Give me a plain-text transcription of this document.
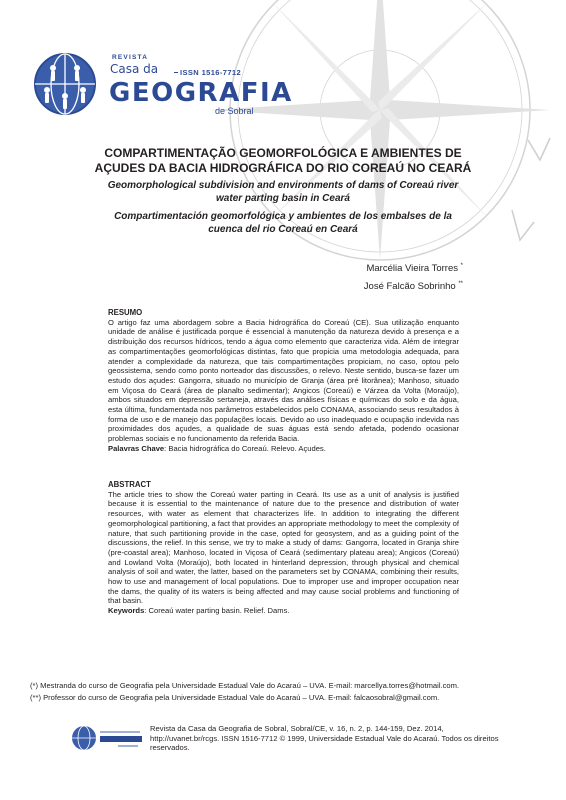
REVISTA
Casa da	ISSN 1516-7712
GEOGRAFIA
de Sobral

COMPARTIMENTAÇÃO GEOMORFOLÓGICA E AMBIENTES DE
AÇUDES DA BACIA HIDROGRÁFICA DO RIO COREAÚ NO CEARÁ

Geomorphological subdivision and environments of dams of Coreaú river
water parting basin in Ceará

Compartimentación geomorfológica y ambientes de los embalses de la
cuenca del rio Coreaú en Ceará

Marcélia Vieira Torres *
José Falcão Sobrinho **
RESUMO

O artigo faz uma abordagem sobre a Bacia hidrográfica do Coreaú (CE). Sua utilização enquanto unidade de análise é justificada porque é essencial à manutenção da natureza devido à presença e a distribuição dos recursos hídricos, tendo a água como elemento que caracteriza vida. Além de integrar as compartimentações geomorfológicas distintas, fato que propicia uma metodologia adequada, para atender a complexidade da natureza, que tais compartimentações propiciam, no caso, optou pelo geossistema, sendo como ponto norteador das discussões, o relevo. Neste sentido, busca-se fazer um estudo dos açudes: Gangorra, situado no município de Granja (área pré litorânea); Manhoso, situado em Viçosa do Ceará (área de planalto sedimentar); Angicos (Coreaú) e Várzea da Volta (Moraújo), ambos situados em depressão sertaneja, através das análises físicas e químicas do solo e da água, esta última, fundamentada nos parâmetros estabelecidos pelo CONAMA, associando seus resultados à forma de uso e de manejo das populações locais. Devido ao uso inadequado e ocupação indevida nas proximidades dos açudes, a qualidade de suas águas está sendo afetada, podendo ocasionar problemas sociais e no funcionamento da referida Bacia.

Palavras Chave: Bacia hidrográfica do Coreaú. Relevo. Açudes.

ABSTRACT

The article tries to show the Coreaú water parting in Ceará. Its use as a unit of analysis is justified because it is essential to the maintenance of nature due to the presence and distribution of water resources, with water as element that characterizes life. In addition to integrating the different geomorphological partitioning, a fact that provides an appropriate methodology to meet the complexity of nature, that such partitioning provide in the case, opted for geosystem, and as a guiding point of the discussions, the relief. In this sense, we try to make a study of dams: Gangorra, located in Granja shire (pre-coastal area); Manhoso, located in Viçosa of Ceará (sedimentary plateau area); Angicos (Coreaú) and Lowland Volta (Moraújo), both located in hinterland depression, through physical and chemical analysis of soil and water, the latter, based on the parameters set by CONAMA, combining their results, how to use and management of local populations. Due to improper use and improper occupation near the dams, the quality of its waters is being affected and may cause social problems and functioning of that basin.

Keywords: Coreaú water parting basin. Relief. Dams.

(*) Mestranda do curso de Geografia pela Universidade Estadual Vale do Acaraú – UVA. E-mail: marcellya.torres@hotmail.com.

(**) Professor do curso de Geografia pela Universidade Estadual Vale do Acaraú – UVA. E-mail: falcaosobral@gmail.com.

Revista da Casa da Geografia de Sobral, Sobral/CE, v. 16, n. 2, p. 144-159, Dez. 2014, http://uvanet.br/rcgs. ISSN 1516-7712 © 1999, Universidade Estadual Vale do Acaraú. Todos os direitos reservados.
